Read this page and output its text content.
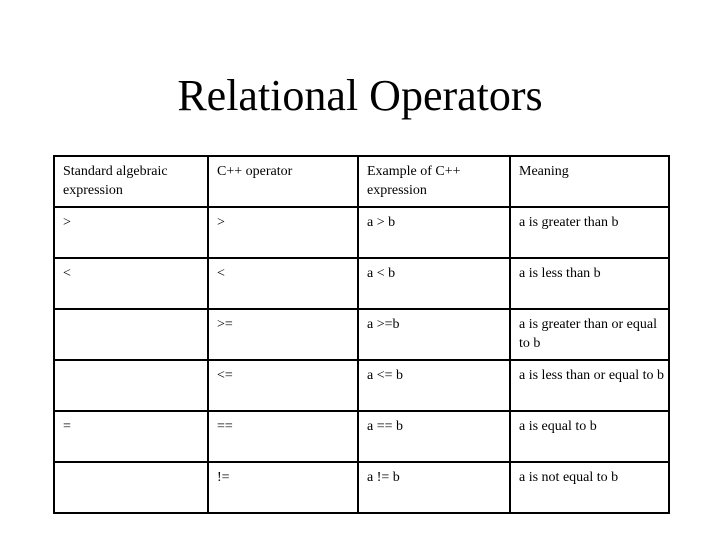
Relational Operators
Standard algebraic expression	C++ operator	Example of C++ expression	Meaning
>	>	a > b	a is greater than b
<	<	a < b	a is less than b
	>=	a >=b	a is greater than or equal to b
	<=	a <= b	a is less than or equal to b
=	==	a == b	a is equal to b
	!=	a != b	a is not equal to b
